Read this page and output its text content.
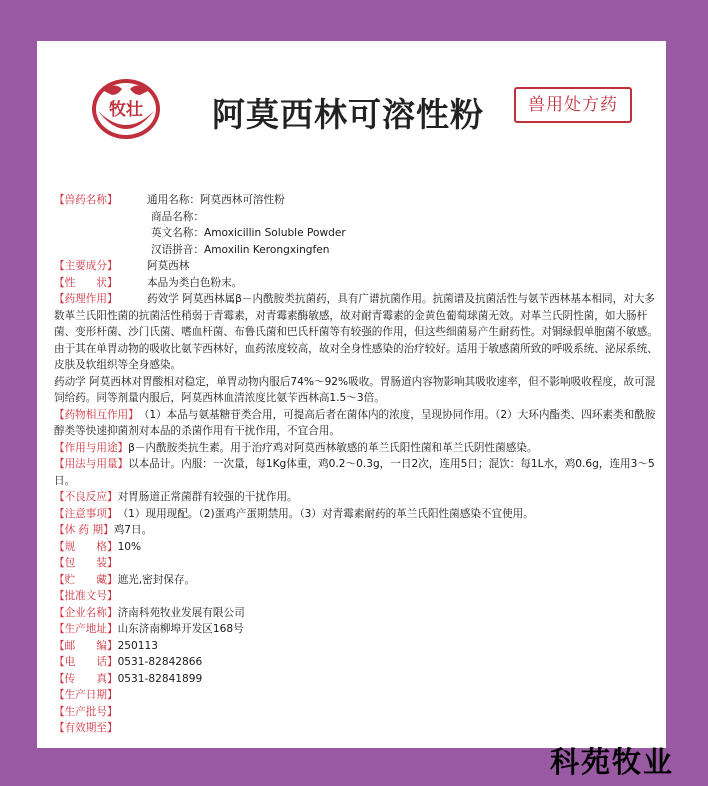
牧壮 阿莫西林可溶性粉	兽用处方药
【兽药名称】	通用名称：阿莫西林可溶性粉
商品名称：
英文名称：Amoxicillin Soluble Powder
汉语拼音：Amoxilin Kerongxingfen
【主要成分】	阿莫西林
【性　　状】	本品为类白色粉末。
【药理作用】	药效学 阿莫西林属β－内酰胺类抗菌药，具有广谱抗菌作用。抗菌谱及抗菌活性与氨苄西林基本相同，对大多数革兰氏阳性菌的抗菌活性稍弱于青霉素，对青霉素酶敏感，故对耐青霉素的金黄色葡萄球菌无效。对革兰氏阴性菌，如大肠杆菌、变形杆菌、沙门氏菌、嗜血杆菌、布鲁氏菌和巴氏杆菌等有较强的作用，但这些细菌易产生耐药性。对铜绿假单胞菌不敏感。由于其在单胃动物的吸收比氨苄西林好，血药浓度较高，故对全身性感染的治疗较好。适用于敏感菌所致的呼吸系统、泌尿系统、皮肤及软组织等全身感染。
药动学 阿莫西林对胃酸相对稳定，单胃动物内服后74%～92%吸收。胃肠道内容物影响其吸收速率，但不影响吸收程度，故可混饲给药。同等剂量内服后，阿莫西林血清浓度比氨苄西林高1.5～3倍。
【药物相互作用】（1）本品与氨基糖苷类合用，可提高后者在菌体内的浓度，呈现协同作用。（2）大环内酯类、四环素类和酰胺醇类等快速抑菌剂对本品的杀菌作用有干扰作用，不宜合用。
【作用与用途】β－内酰胺类抗生素。用于治疗鸡对阿莫西林敏感的革兰氏阳性菌和革兰氏阴性菌感染。
【用法与用量】以本品计。内服：一次量，每1Kg体重，鸡0.2～0.3g，一日2次，连用5日；混饮：每1L水，鸡0.6g，连用3～5日。
【不良反应】对胃肠道正常菌群有较强的干扰作用。
【注意事项】（1）现用现配。（2)蛋鸡产蛋期禁用。（3）对青霉素耐药的革兰氏阳性菌感染不宜使用。
【休 药 期】鸡7日。
【规　　格】10%
【包　　装】
【贮　　藏】遮光,密封保存。
【批准文号】
【企业名称】济南科苑牧业发展有限公司
【生产地址】山东济南柳埠开发区168号
【邮　　编】250113
【电　　话】0531-82842866
【传　　真】0531-82841899
【生产日期】
【生产批号】
【有效期至】
科苑牧业
